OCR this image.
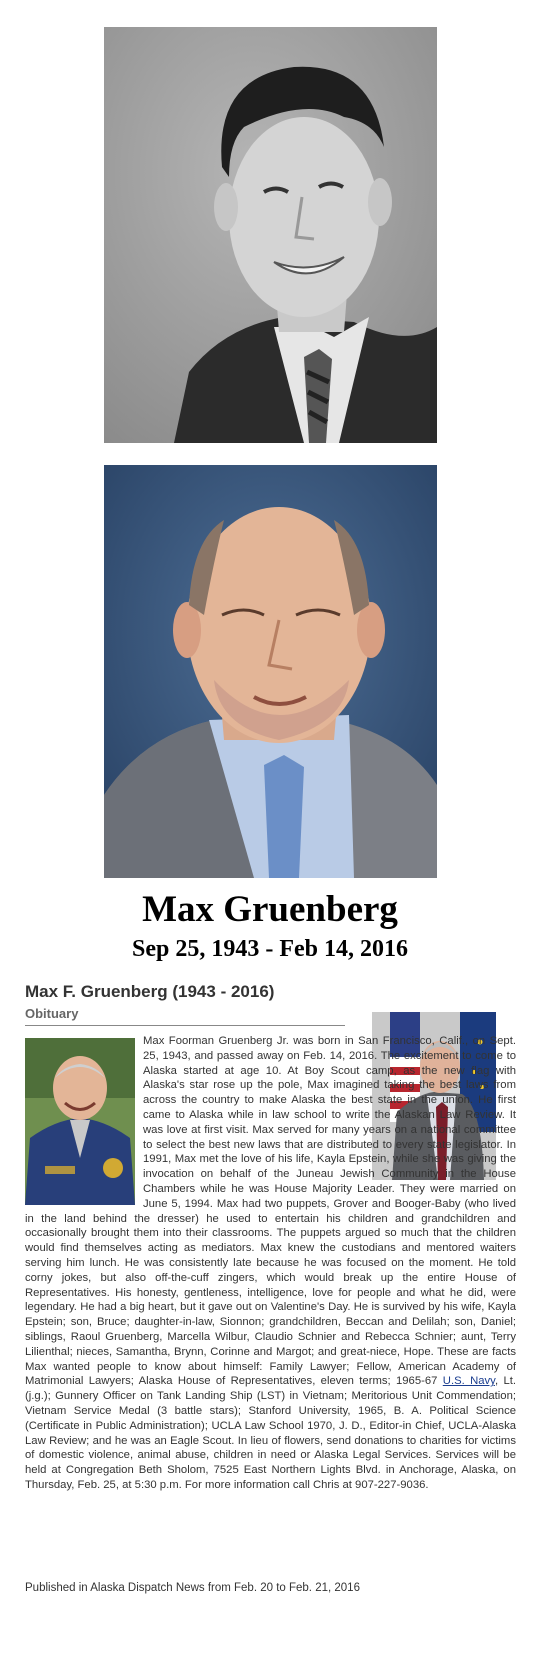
Max Gruenberg
Sep 25, 1943 - Feb 14, 2016
Max F. Gruenberg (1943 - 2016)
Obituary

Max Foorman Gruenberg Jr. was born in San Francisco, Calif., on Sept. 25, 1943, and passed away on Feb. 14, 2016. The excitement to come to Alaska started at age 10. At Boy Scout camp, as the new flag with Alaska's star rose up the pole, Max imagined taking the best laws from across the country to make Alaska the best state in the union. He first came to Alaska while in law school to write the Alaskan Law Review. It was love at first visit. Max served for many years on a national committee to select the best new laws that are distributed to every state legislator. In 1991, Max met the love of his life, Kayla Epstein, while she was giving the invocation on behalf of the Juneau Jewish Community in the House Chambers while he was House Majority Leader. They were married on June 5, 1994. Max had two puppets, Grover and Booger-Baby (who lived in the land behind the dresser) he used to entertain his children and grandchildren and occasionally brought them into their classrooms. The puppets argued so much that the children would find themselves acting as mediators. Max knew the custodians and mentored waiters serving him lunch. He was consistently late because he was focused on the moment. He told corny jokes, but also off-the-cuff zingers, which would break up the entire House of Representatives. His honesty, gentleness, intelligence, love for people and what he did, were legendary. He had a big heart, but it gave out on Valentine's Day. He is survived by his wife, Kayla Epstein; son, Bruce; daughter-in-law, Sionnon; grandchildren, Beccan and Delilah; son, Daniel; siblings, Raoul Gruenberg, Marcella Wilbur, Claudio Schnier and Rebecca Schnier; aunt, Terry Lilienthal; nieces, Samantha, Brynn, Corinne and Margot; and great-niece, Hope. These are facts Max wanted people to know about himself: Family Lawyer; Fellow, American Academy of Matrimonial Lawyers; Alaska House of Representatives, eleven terms; 1965-67 U.S. Navy, Lt. (j.g.); Gunnery Officer on Tank Landing Ship (LST) in Vietnam; Meritorious Unit Commendation; Vietnam Service Medal (3 battle stars); Stanford University, 1965, B. A. Political Science (Certificate in Public Administration); UCLA Law School 1970, J. D., Editor-in Chief, UCLA-Alaska Law Review; and he was an Eagle Scout. In lieu of flowers, send donations to charities for victims of domestic violence, animal abuse, children in need or Alaska Legal Services. Services will be held at Congregation Beth Sholom, 7525 East Northern Lights Blvd. in Anchorage, Alaska, on Thursday, Feb. 25, at 5:30 p.m. For more information call Chris at 907-227-9036.

Published in Alaska Dispatch News from Feb. 20 to Feb. 21, 2016
